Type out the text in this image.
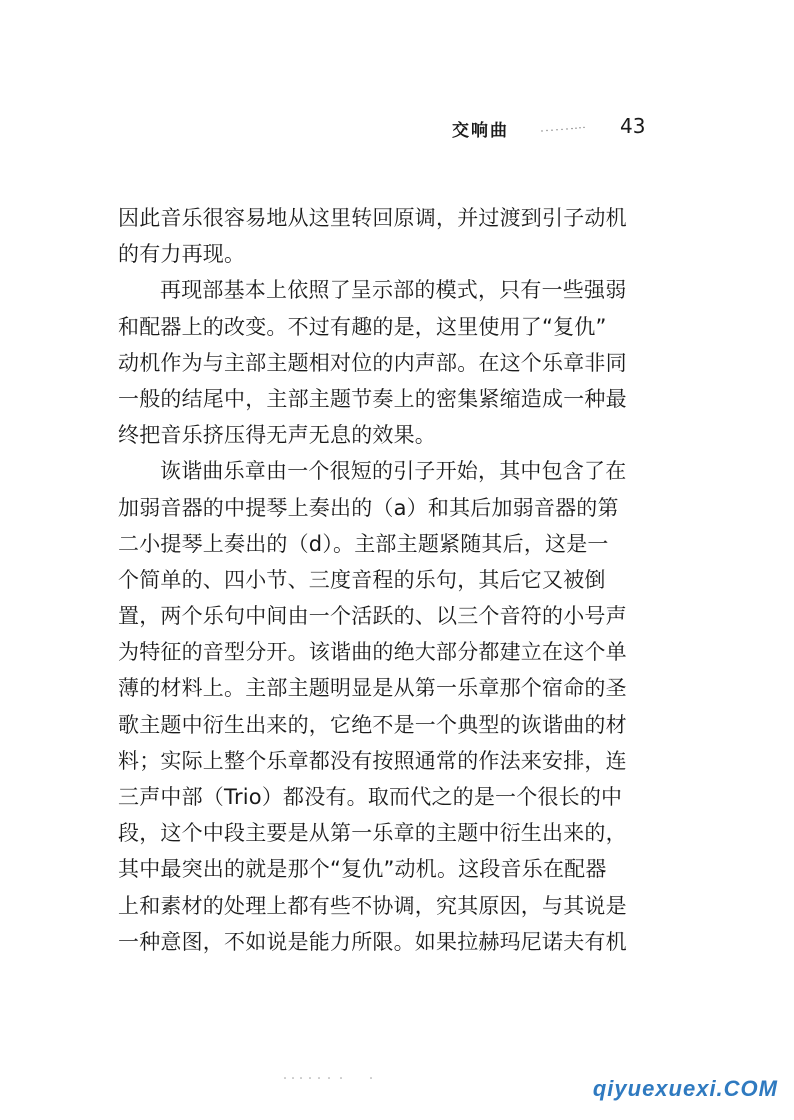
交响曲	43
因此音乐很容易地从这里转回原调，并过渡到引子动机
的有力再现。
再现部基本上依照了呈示部的模式，只有一些强弱
和配器上的改变。不过有趣的是，这里使用了“复仇”
动机作为与主部主题相对位的内声部。在这个乐章非同
一般的结尾中，主部主题节奏上的密集紧缩造成一种最
终把音乐挤压得无声无息的效果。
诙谐曲乐章由一个很短的引子开始，其中包含了在
加弱音器的中提琴上奏出的（a）和其后加弱音器的第
二小提琴上奏出的（d）。主部主题紧随其后，这是一
个简单的、四小节、三度音程的乐句，其后它又被倒
置，两个乐句中间由一个活跃的、以三个音符的小号声
为特征的音型分开。该谐曲的绝大部分都建立在这个单
薄的材料上。主部主题明显是从第一乐章那个宿命的圣
歌主题中衍生出来的，它绝不是一个典型的诙谐曲的材
料；实际上整个乐章都没有按照通常的作法来安排，连
三声中部（Trio）都没有。取而代之的是一个很长的中
段，这个中段主要是从第一乐章的主题中衍生出来的，
其中最突出的就是那个“复仇”动机。这段音乐在配器
上和素材的处理上都有些不协调，究其原因，与其说是
一种意图，不如说是能力所限。如果拉赫玛尼诺夫有机
qiyuexuexi.COM
